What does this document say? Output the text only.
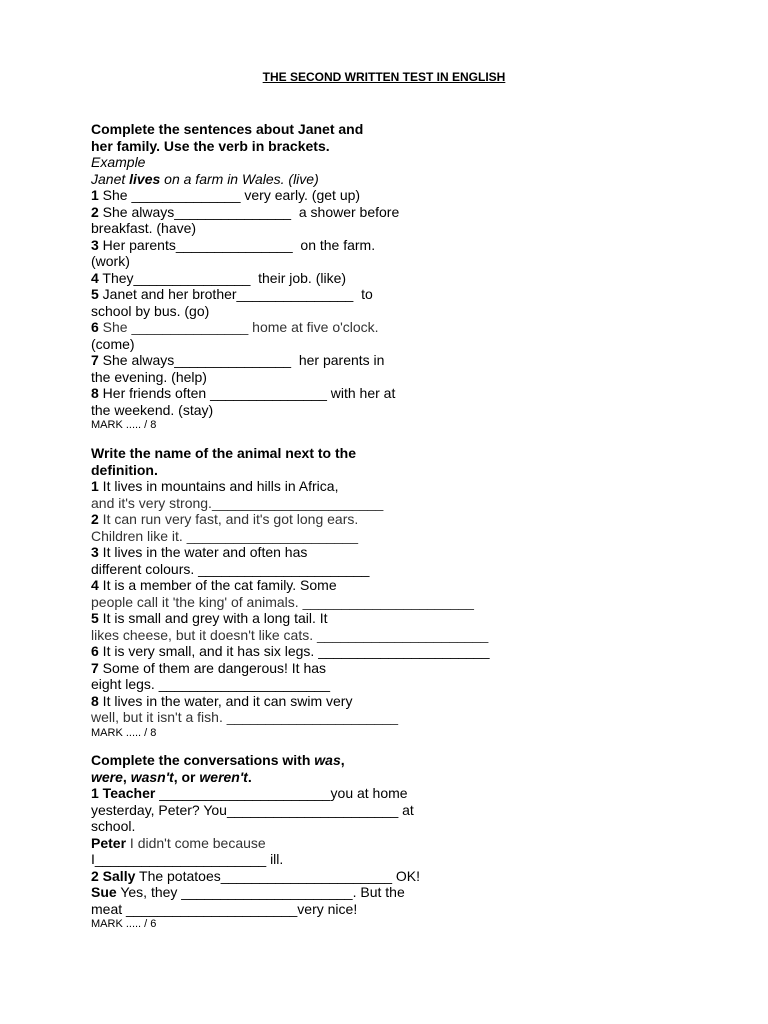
THE SECOND WRITTEN TEST IN ENGLISH

Complete the sentences about Janet and

her family. Use the verb in brackets.

Example

Janet lives on a farm in Wales. (live)

1 She ______________ very early. (get up)

2 She always_______________  a shower before

breakfast. (have)

3 Her parents_______________  on the farm.

(work)

4 They_______________  their job. (like)

5 Janet and her brother_______________  to

school by bus. (go)

6 She _______________ home at five o'clock.

(come)

7 She always_______________  her parents in

the evening. (help)

8 Her friends often _______________ with her at

the weekend. (stay)

MARK ..... / 8

Write the name of the animal next to the

definition.

1 It lives in mountains and hills in Africa,

and it's very strong.______________________

2 It can run very fast, and it's got long ears.

Children like it. ______________________

3 It lives in the water and often has

different colours. ______________________

4 It is a member of the cat family. Some

people call it 'the king' of animals. ______________________

5 It is small and grey with a long tail. It

likes cheese, but it doesn't like cats. ______________________

6 It is very small, and it has six legs. ______________________

7 Some of them are dangerous! It has

eight legs. ______________________

8 It lives in the water, and it can swim very

well, but it isn't a fish. ______________________

MARK ..... / 8

Complete the conversations with was,

were, wasn't, or weren't.

1 Teacher ______________________you at home

yesterday, Peter? You______________________ at

school.

Peter I didn't come because

I______________________ ill.

2 Sally The potatoes______________________ OK!

Sue Yes, they ______________________. But the

meat ______________________very nice!

MARK ..... / 6
